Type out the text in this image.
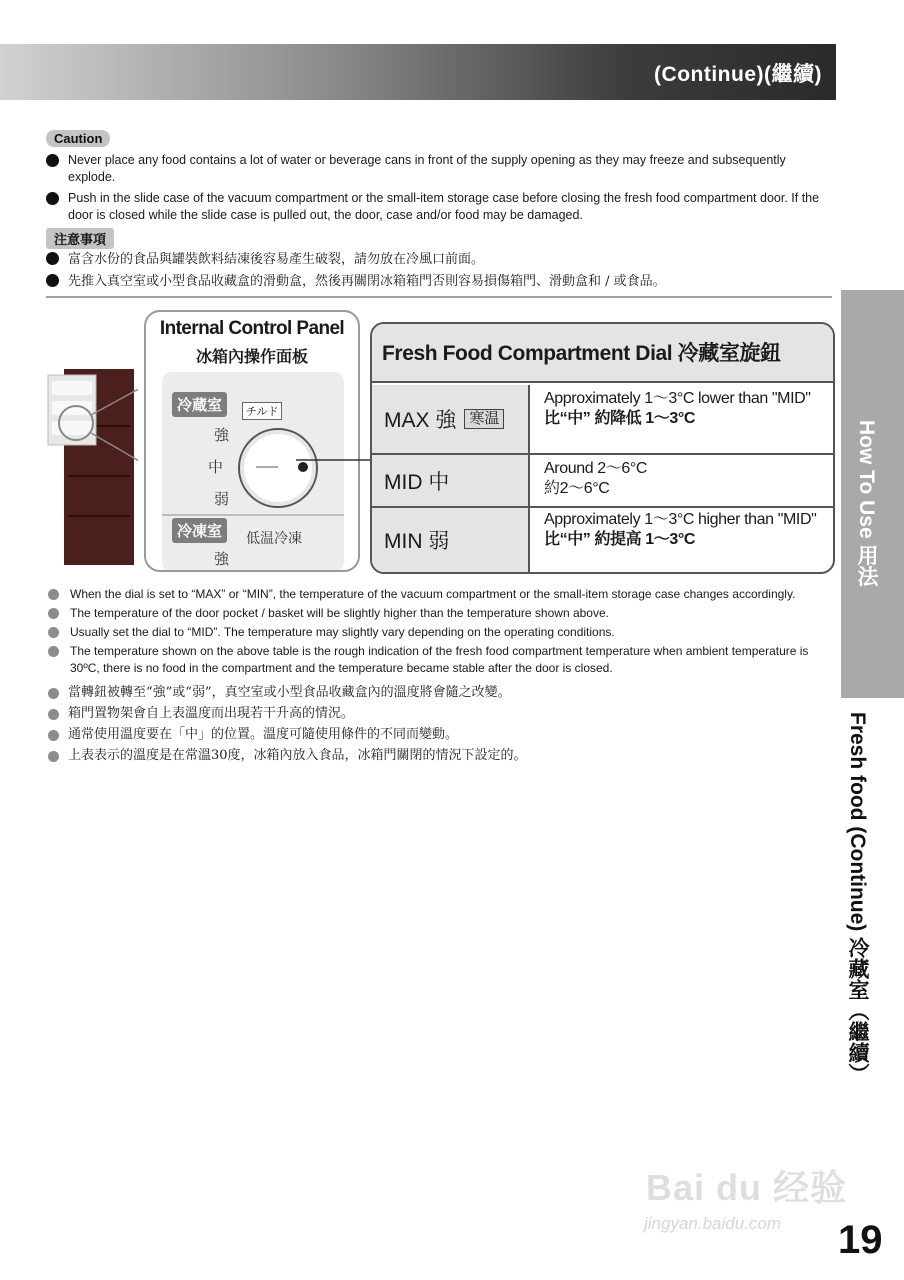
(Continue)(繼續)
Caution
Never place any food contains a lot of water or beverage cans in front of the supply opening as they may freeze and subsequently explode.
Push in the slide case of the vacuum compartment or the small-item storage case before closing the fresh food compartment door. If the door is closed while the slide case is pulled out, the door, case and/or food may be damaged.
注意事項
富含水份的食品與罐裝飲料結凍後容易產生破裂，請勿放在冷風口前面。
先推入真空室或小型食品收藏盒的滑動盒，然後再關閉冰箱箱門否則容易損傷箱門、滑動盒和 / 或食品。
Internal Control Panel
冰箱內操作面板
冷蔵室	チルド
強
中
弱
冷凍室	低温冷凍
強
Fresh Food Compartment Dial 冷藏室旋鈕
MAX 強 寒温
Approximately 1～3°C lower than "MID"
比“中” 約降低 1～3°C
MID 中
Around 2～6°C
約2～6°C
MIN 弱
Approximately 1～3°C higher than "MID"
比“中” 約提高 1～3°C
When the dial is set to “MAX” or “MIN”, the temperature of the vacuum compartment or the small-item storage case changes accordingly.
The temperature of the door pocket / basket will be slightly higher than the temperature shown above.
Usually set the dial to “MID”. The temperature may slightly vary depending on the operating conditions.
The temperature shown on the above table is the rough indication of the fresh food compartment temperature when ambient temperature is 30ºC, there is no food in the compartment and the temperature became stable after the door is closed.
當轉鈕被轉至“強”或“弱”，真空室或小型食品收藏盒內的溫度將會隨之改變。
箱門置物架會自上表溫度而出現若干升高的情況。
通常使用溫度要在「中」的位置。溫度可隨使用條件的不同而變動。
上表表示的溫度是在常溫30度，冰箱內放入食品，冰箱門關閉的情況下設定的。
How To Use 用法
Fresh food (Continue) 冷藏室（繼續）
Bai du 经验
jingyan.baidu.com 19
